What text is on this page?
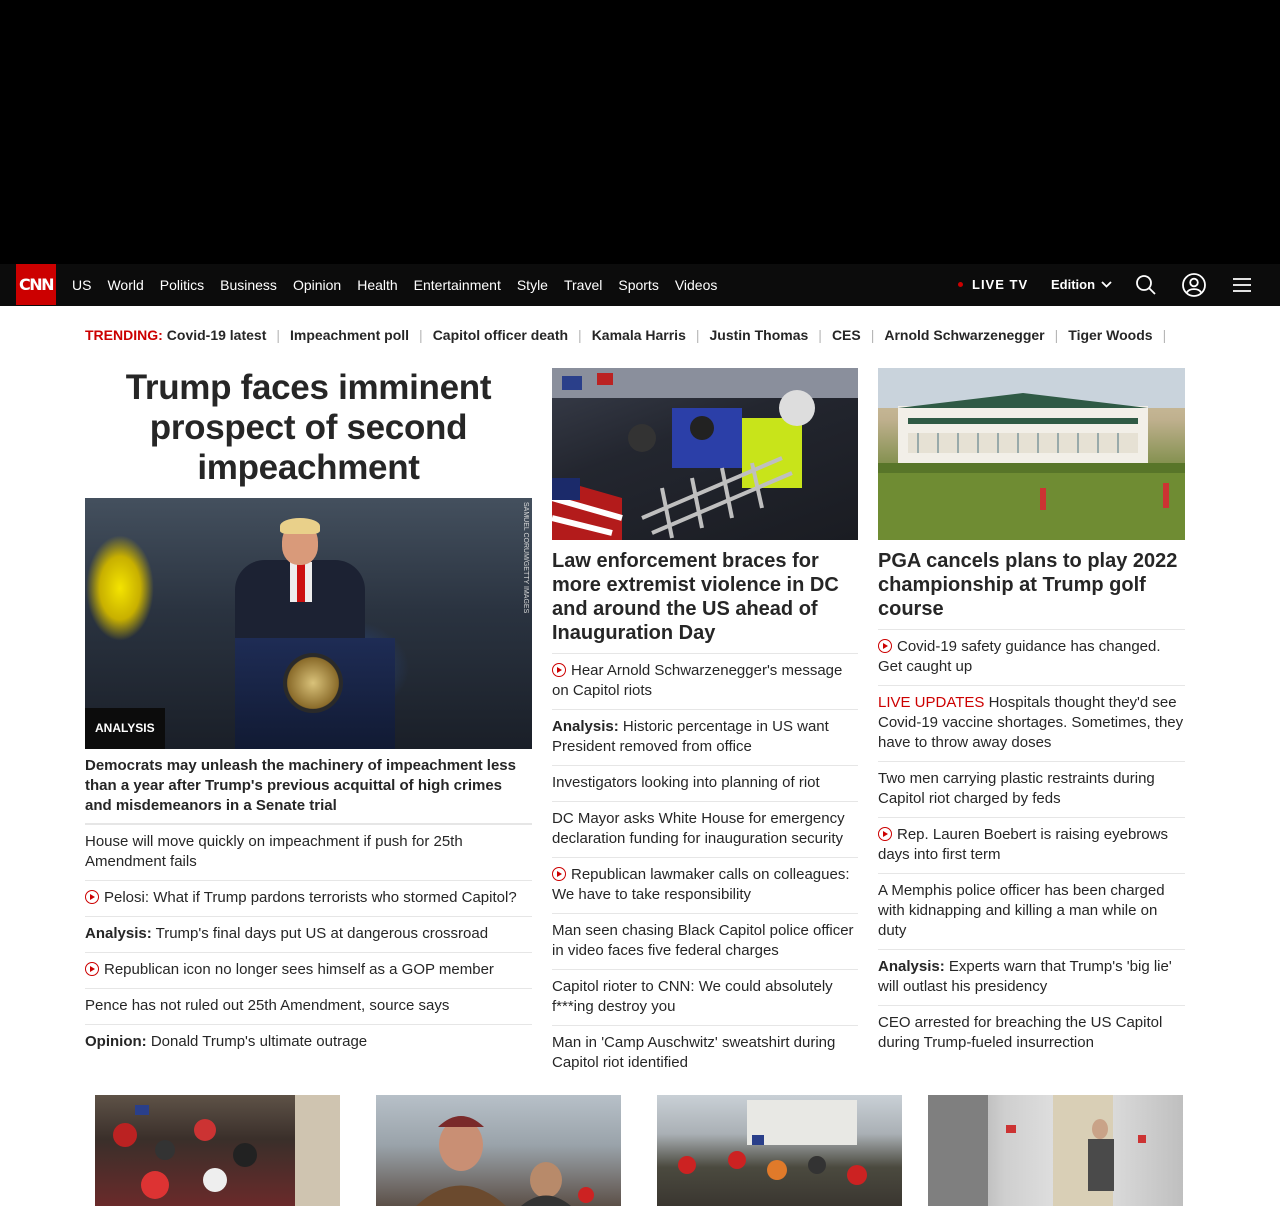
CNN	US	World	Politics	Business	Opinion	Health	Entertainment	Style	Travel	Sports	Videos	LIVE TV Edition
TRENDING: Covid-19 latest | Impeachment poll | Capitol officer death | Kamala Harris | Justin Thomas | CES | Arnold Schwarzenegger | Tiger Woods |
Trump faces imminent prospect of second impeachment
SAMUEL CORUM/GETTY IMAGES
ANALYSIS
Democrats may unleash the machinery of impeachment less than a year after Trump's previous acquittal of high crimes and misdemeanors in a Senate trial
House will move quickly on impeachment if push for 25th Amendment fails
Pelosi: What if Trump pardons terrorists who stormed Capitol?
Analysis: Trump's final days put US at dangerous crossroad
Republican icon no longer sees himself as a GOP member
Pence has not ruled out 25th Amendment, source says
Opinion: Donald Trump's ultimate outrage
Law enforcement braces for more extremist violence in DC and around the US ahead of Inauguration Day
Hear Arnold Schwarzenegger's message on Capitol riots
Analysis: Historic percentage in US want President removed from office
Investigators looking into planning of riot
DC Mayor asks White House for emergency declaration funding for inauguration security
Republican lawmaker calls on colleagues: We have to take responsibility
Man seen chasing Black Capitol police officer in video faces five federal charges
Capitol rioter to CNN: We could absolutely f***ing destroy you
Man in 'Camp Auschwitz' sweatshirt during Capitol riot identified
PGA cancels plans to play 2022 championship at Trump golf course
Covid-19 safety guidance has changed. Get caught up
LIVE UPDATES Hospitals thought they'd see Covid-19 vaccine shortages. Sometimes, they have to throw away doses
Two men carrying plastic restraints during Capitol riot charged by feds
Rep. Lauren Boebert is raising eyebrows days into first term
A Memphis police officer has been charged with kidnapping and killing a man while on duty
Analysis: Experts warn that Trump's 'big lie' will outlast his presidency
CEO arrested for breaching the US Capitol during Trump-fueled insurrection
